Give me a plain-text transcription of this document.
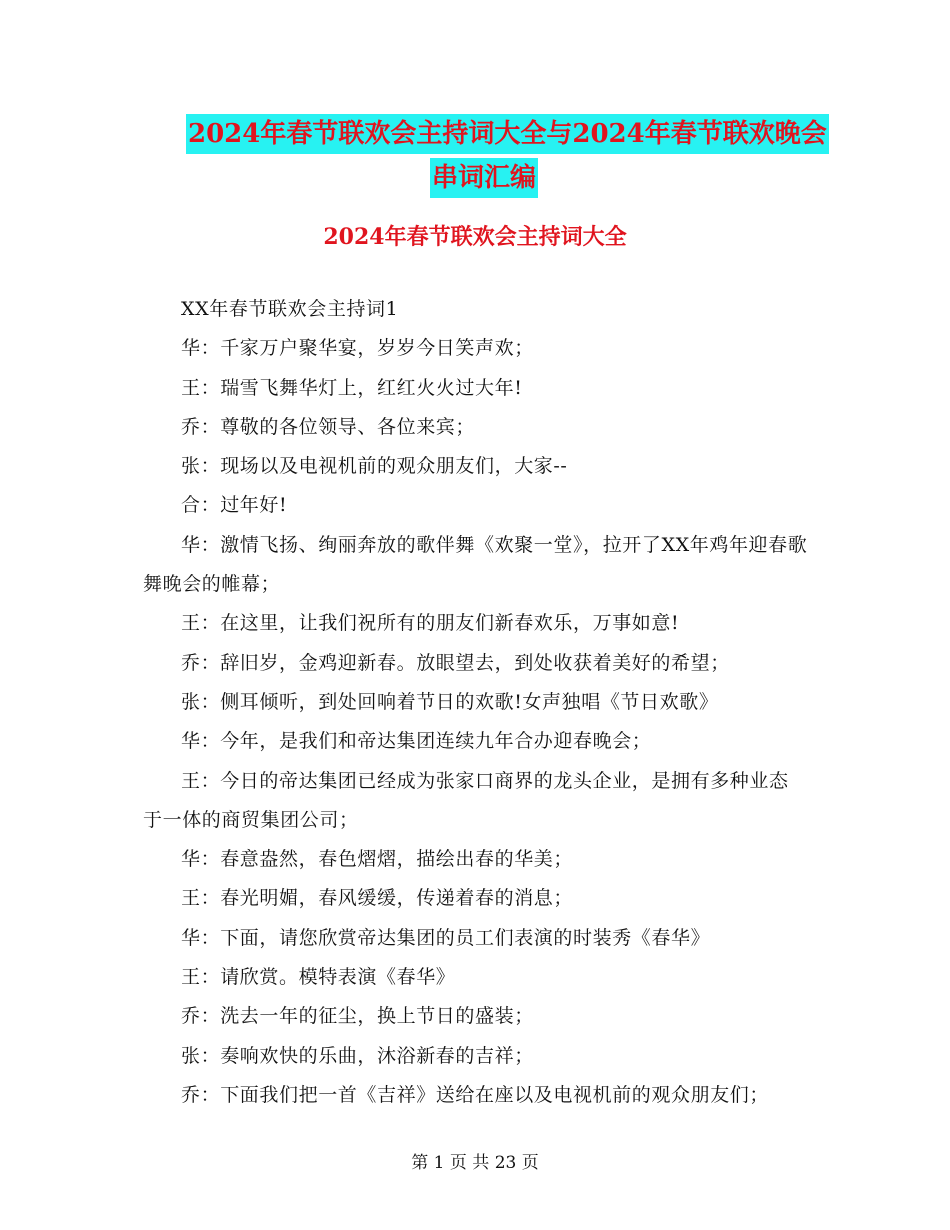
2024年春节联欢会主持词大全与2024年春节联欢晚会
串词汇编
2024年春节联欢会主持词大全

XX年春节联欢会主持词1

华：千家万户聚华宴，岁岁今日笑声欢；

王：瑞雪飞舞华灯上，红红火火过大年!

乔：尊敬的各位领导、各位来宾；

张：现场以及电视机前的观众朋友们，大家--

合：过年好!

华：激情飞扬、绚丽奔放的歌伴舞《欢聚一堂》，拉开了XX年鸡年迎春歌舞晚会的帷幕；

王：在这里，让我们祝所有的朋友们新春欢乐，万事如意!

乔：辞旧岁，金鸡迎新春。放眼望去，到处收获着美好的希望；

张：侧耳倾听，到处回响着节日的欢歌!女声独唱《节日欢歌》

华：今年，是我们和帝达集团连续九年合办迎春晚会；

王：今日的帝达集团已经成为张家口商界的龙头企业，是拥有多种业态于一体的商贸集团公司；

华：春意盎然，春色熠熠，描绘出春的华美；

王：春光明媚，春风缓缓，传递着春的消息；

华：下面，请您欣赏帝达集团的员工们表演的时装秀《春华》

王：请欣赏。模特表演《春华》

乔：洗去一年的征尘，换上节日的盛装；

张：奏响欢快的乐曲，沐浴新春的吉祥；

乔：下面我们把一首《吉祥》送给在座以及电视机前的观众朋友们；

第 1 页 共 23 页
